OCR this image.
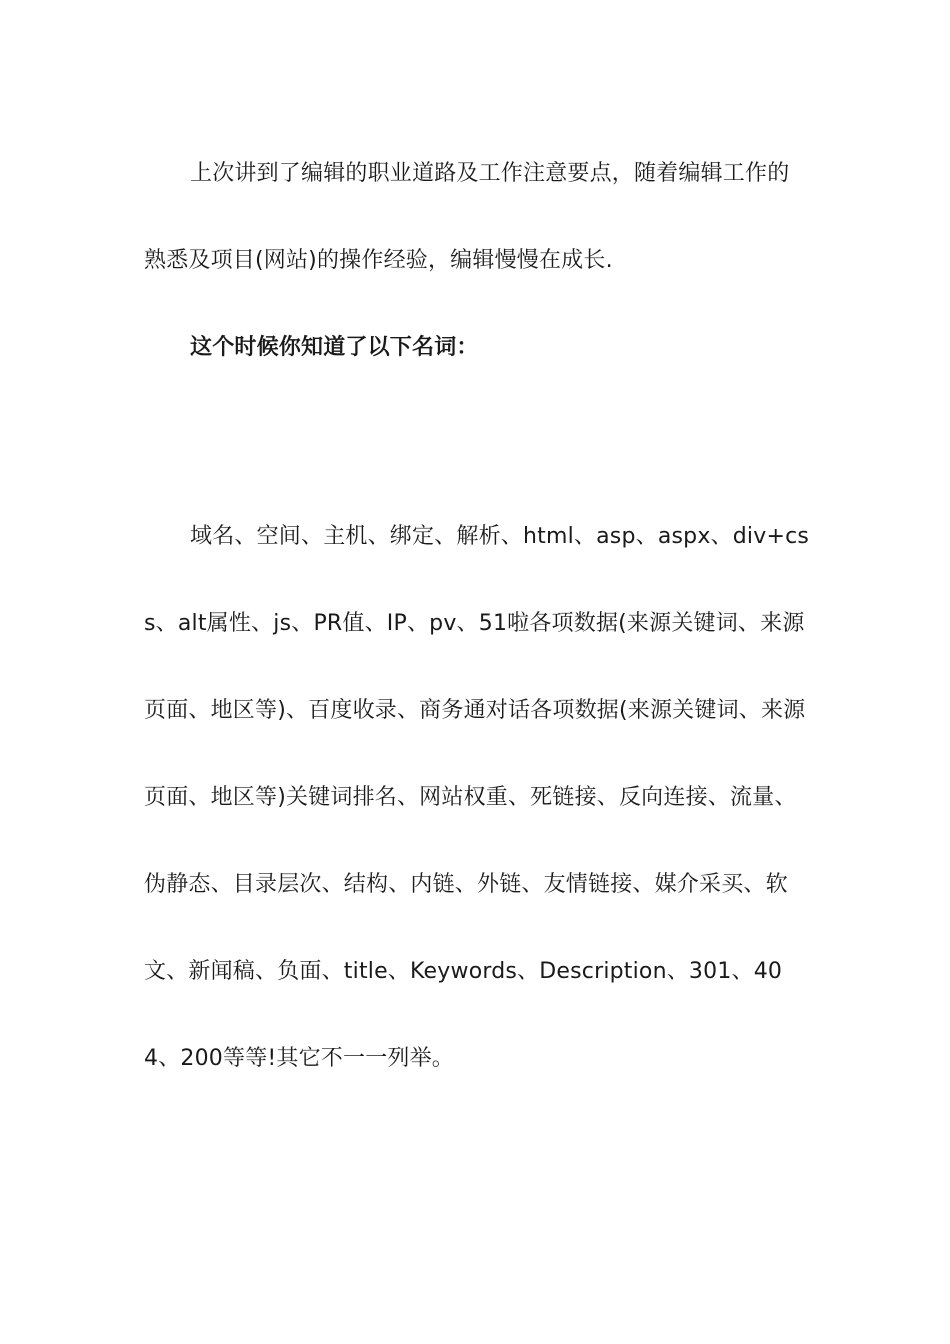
上次讲到了编辑的职业道路及工作注意要点，随着编辑工作的熟悉及项目(网站)的操作经验，编辑慢慢在成长.

这个时候你知道了以下名词：

域名、空间、主机、绑定、解析、html、asp、aspx、div+css、alt属性、js、PR值、IP、pv、51啦各项数据(来源关键词、来源页面、地区等)、百度收录、商务通对话各项数据(来源关键词、来源页面、地区等)关键词排名、网站权重、死链接、反向连接、流量、伪静态、目录层次、结构、内链、外链、友情链接、媒介采买、软文、新闻稿、负面、title、Keywords、Description、301、404、200等等!其它不一一列举。
